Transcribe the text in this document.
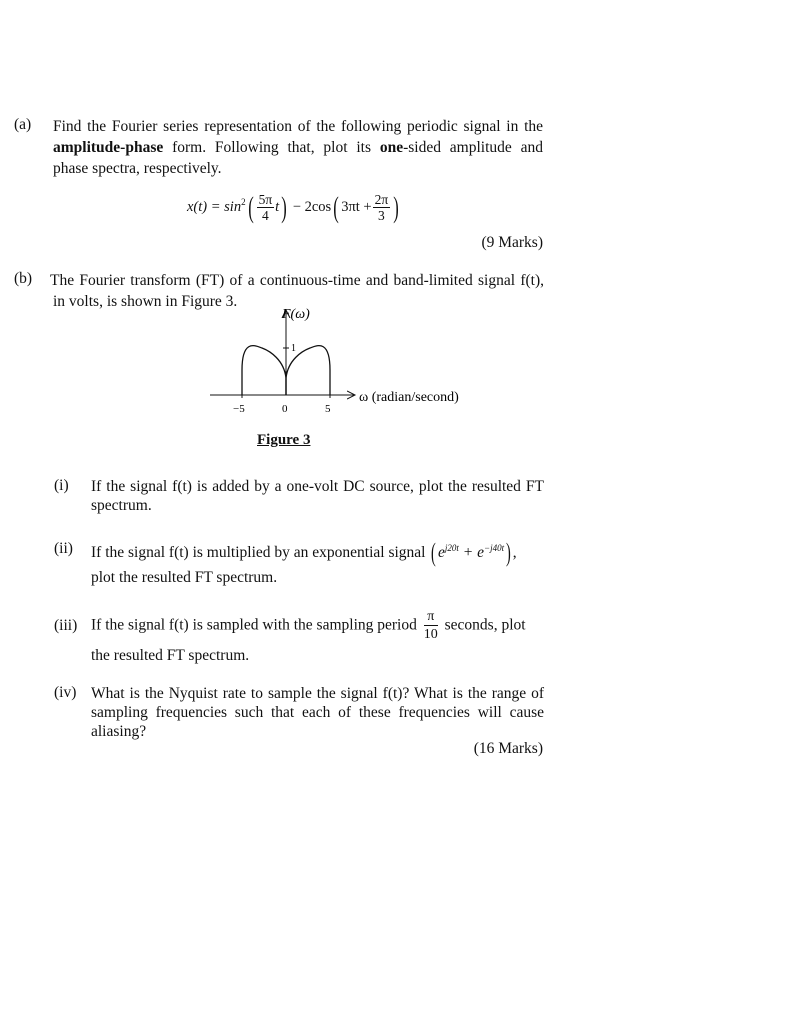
(a) Find the Fourier series representation of the following periodic signal in the
amplitude-phase form. Following that, plot its one-sided amplitude and
phase spectra, respectively.
$x(t) = \sin^2( \frac{5\pi}{4} t) - 2\cos$( $3\pi t + \frac{2\pi}{3}$ )
(9 Marks)
(b) The Fourier transform (FT) of a continuous-time and band-limited signal f(t),
in volts, is shown in Figure 3.
F(ω)
1
ω (radian/second)
−5	0	5
Figure 3
(i) If the signal f(t) is added by a one-volt DC source, plot the resulted FT
spectrum.
(ii) If the signal f(t) is multiplied by an exponential signal ( $e^{j20t} + e^{-j40t}$) ,
plot the resulted FT spectrum.
(iii) If the signal f(t) is sampled with the sampling period $\frac{\pi}{10}$ seconds, plot
the resulted FT spectrum.
(iv) What is the Nyquist rate to sample the signal f(t)? What is the range of
sampling frequencies such that each of these frequencies will cause
aliasing?
(16 Marks)
